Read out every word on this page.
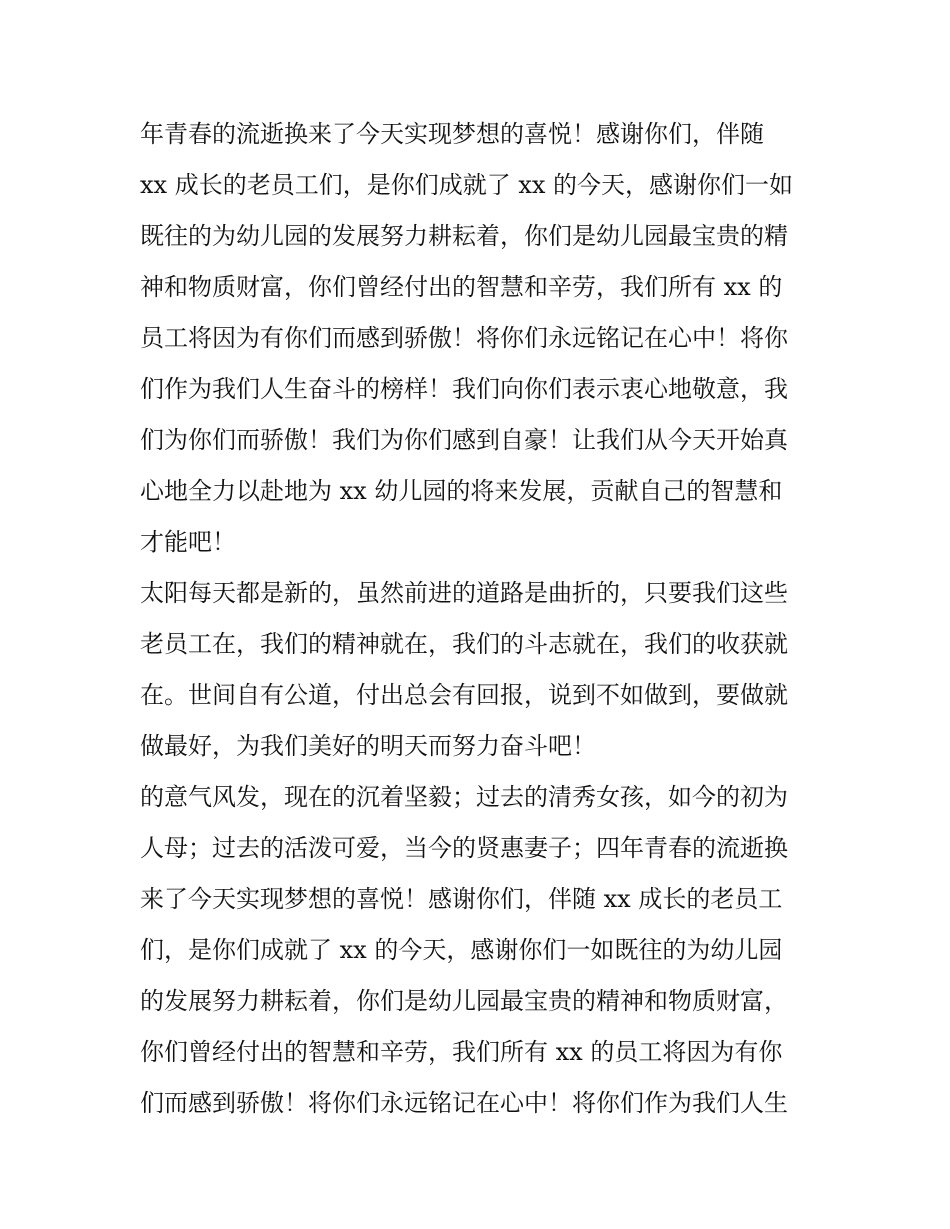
年青春的流逝换来了今天实现梦想的喜悦！感谢你们，伴随
xx 成长的老员工们，是你们成就了 xx 的今天，感谢你们一如
既往的为幼儿园的发展努力耕耘着，你们是幼儿园最宝贵的精
神和物质财富，你们曾经付出的智慧和辛劳，我们所有 xx 的
员工将因为有你们而感到骄傲！将你们永远铭记在心中！将你
们作为我们人生奋斗的榜样！我们向你们表示衷心地敬意，我
们为你们而骄傲！我们为你们感到自豪！让我们从今天开始真
心地全力以赴地为 xx 幼儿园的将来发展，贡献自己的智慧和
才能吧！
太阳每天都是新的，虽然前进的道路是曲折的，只要我们这些
老员工在，我们的精神就在，我们的斗志就在，我们的收获就
在。世间自有公道，付出总会有回报，说到不如做到，要做就
做最好，为我们美好的明天而努力奋斗吧！
的意气风发，现在的沉着坚毅；过去的清秀女孩，如今的初为
人母；过去的活泼可爱，当今的贤惠妻子；四年青春的流逝换
来了今天实现梦想的喜悦！感谢你们，伴随 xx 成长的老员工
们，是你们成就了 xx 的今天，感谢你们一如既往的为幼儿园
的发展努力耕耘着，你们是幼儿园最宝贵的精神和物质财富，
你们曾经付出的智慧和辛劳，我们所有 xx 的员工将因为有你
们而感到骄傲！将你们永远铭记在心中！将你们作为我们人生
